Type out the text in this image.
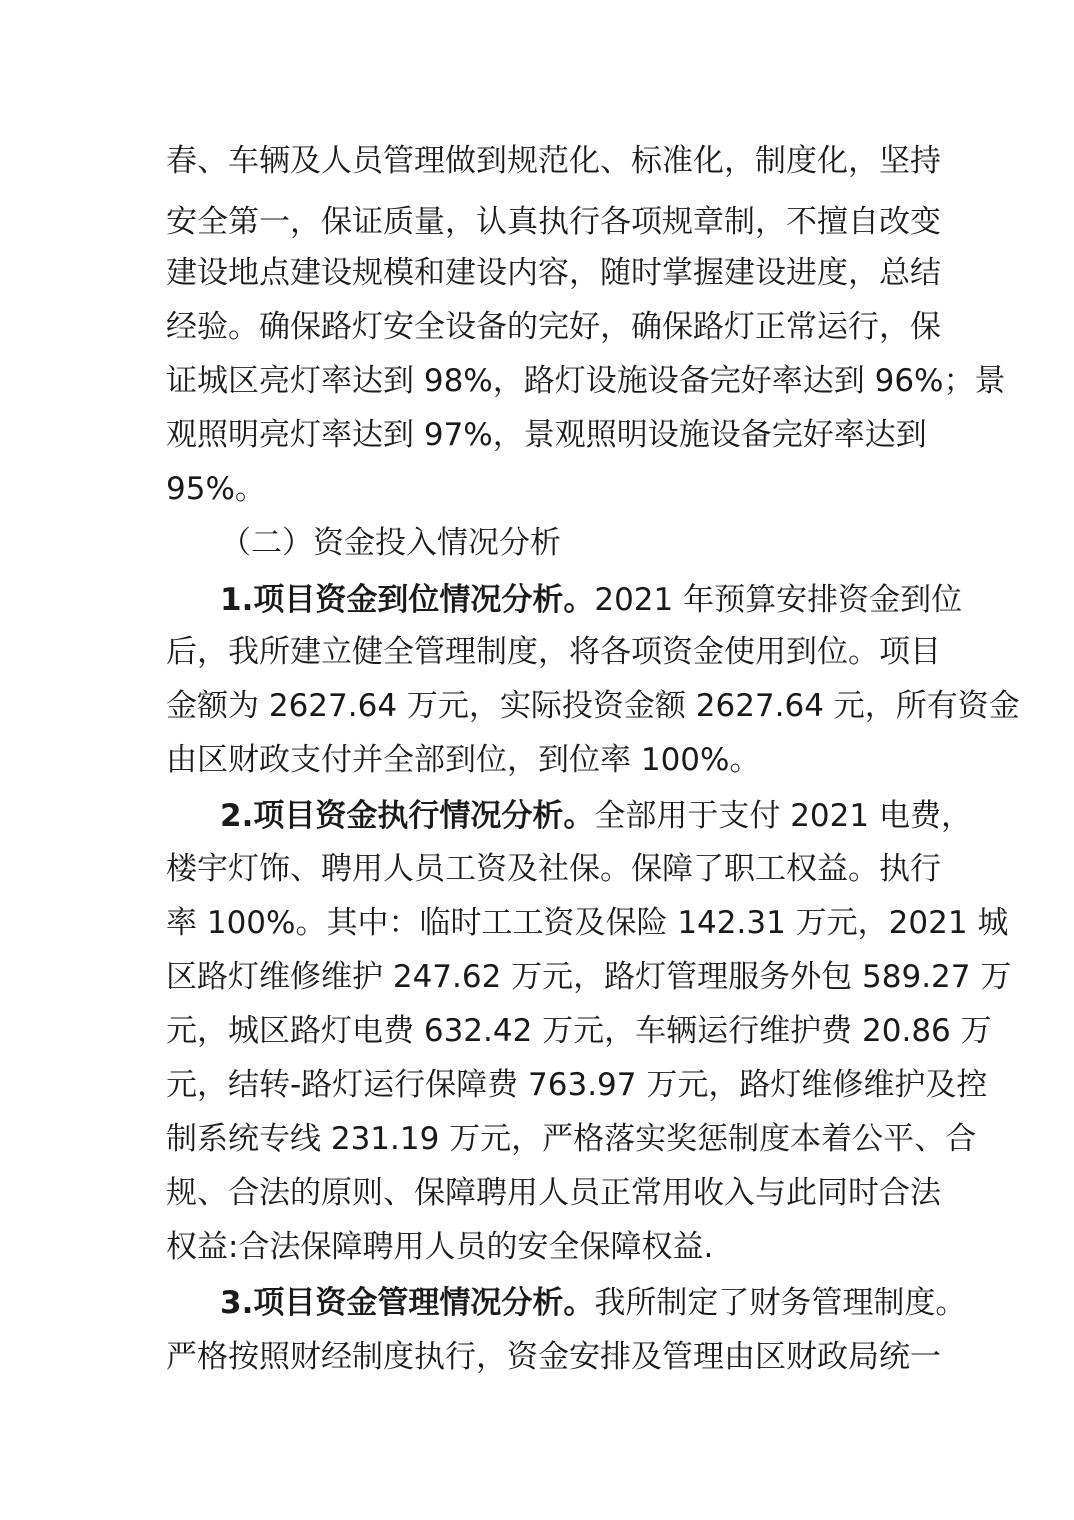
春、车辆及人员管理做到规范化、标准化，制度化，坚持
安全第一，保证质量，认真执行各项规章制，不擅自改变
建设地点建设规模和建设内容，随时掌握建设进度，总结
经验。确保路灯安全设备的完好，确保路灯正常运行，保
证城区亮灯率达到 98%，路灯设施设备完好率达到 96%；景
观照明亮灯率达到 97%，景观照明设施设备完好率达到
95%。
（二）资金投入情况分析
1.项目资金到位情况分析。2021 年预算安排资金到位
后，我所建立健全管理制度，将各项资金使用到位。项目
金额为 2627.64 万元，实际投资金额 2627.64 元，所有资金
由区财政支付并全部到位，到位率 100%。
2.项目资金执行情况分析。全部用于支付 2021 电费，
楼宇灯饰、聘用人员工资及社保。保障了职工权益。执行
率 100%。其中：临时工工资及保险 142.31 万元，2021 城
区路灯维修维护 247.62 万元，路灯管理服务外包 589.27 万
元，城区路灯电费 632.42 万元，车辆运行维护费 20.86 万
元，结转-路灯运行保障费 763.97 万元，路灯维修维护及控
制系统专线 231.19 万元，严格落实奖惩制度本着公平、合
规、合法的原则、保障聘用人员正常用收入与此同时合法
权益:合法保障聘用人员的安全保障权益.
3.项目资金管理情况分析。我所制定了财务管理制度。
严格按照财经制度执行，资金安排及管理由区财政局统一
